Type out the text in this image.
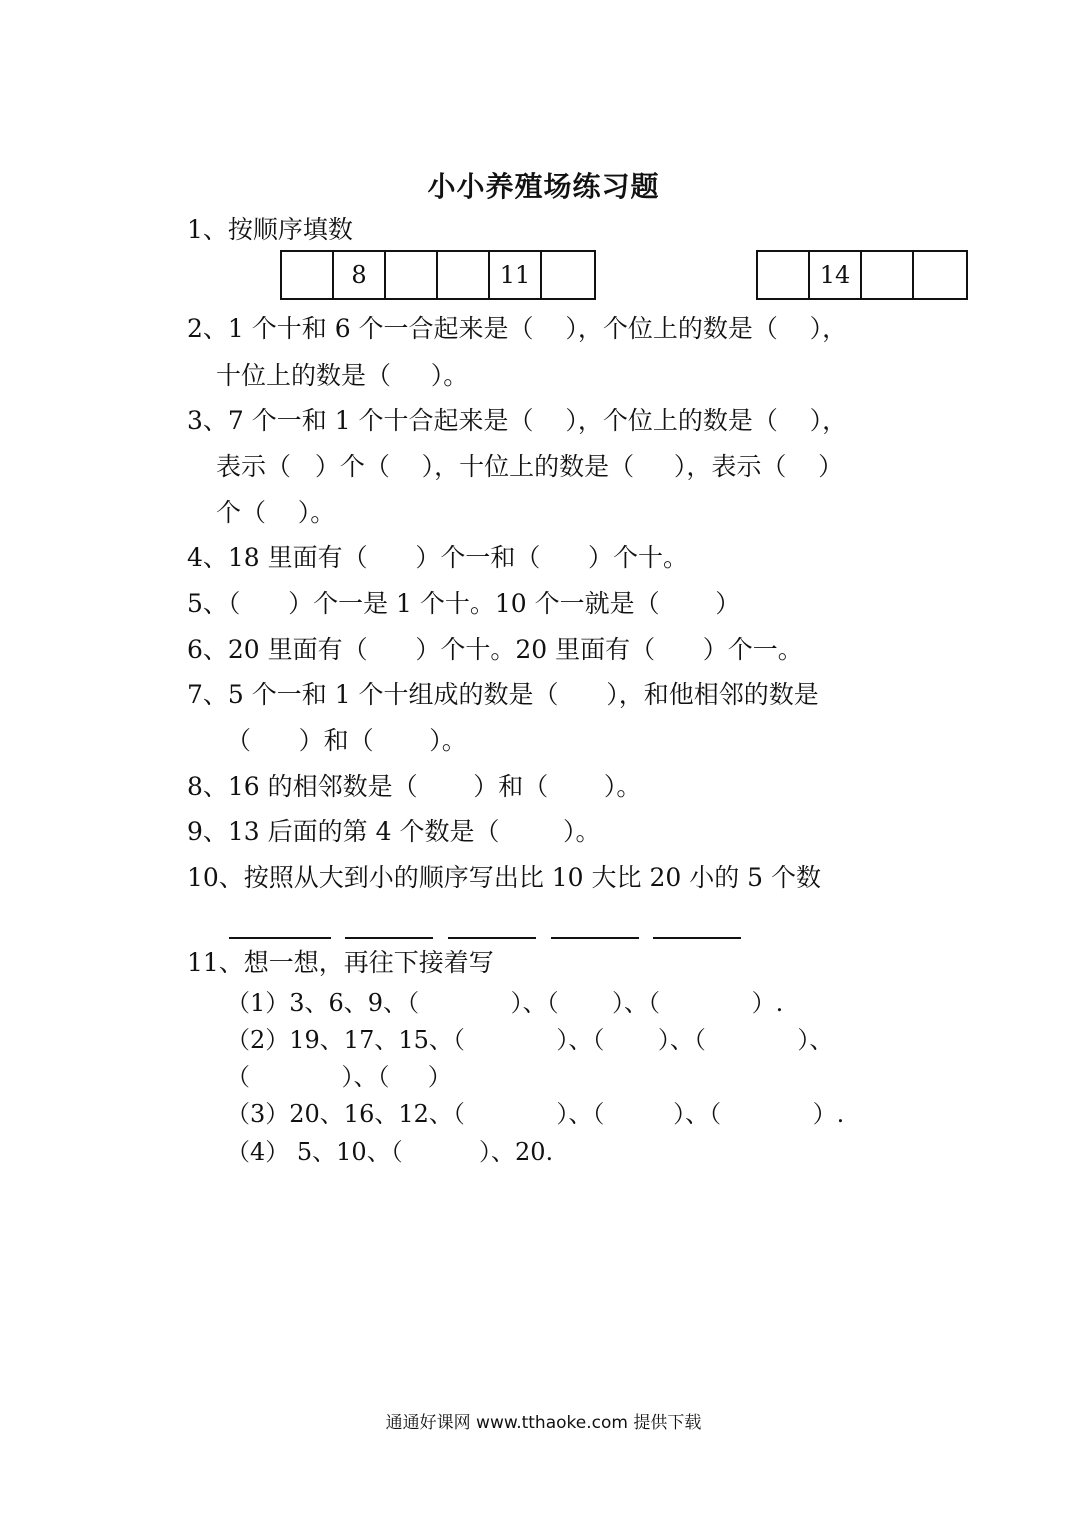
小小养殖场练习题
1、按顺序填数
8	11	14
2、1 个十和 6 个一合起来是（    ），个位上的数是（    ），
十位上的数是（     ）。
3、7 个一和 1 个十合起来是（    ），个位上的数是（    ），
表示（   ）个（    ），十位上的数是（     ），表示（    ）
个（    ）。
4、18 里面有（      ）个一和（      ）个十。
5、（      ）个一是 1 个十。10 个一就是（       ）
6、20 里面有（      ）个十。20 里面有（      ）个一。
7、5 个一和 1 个十组成的数是（      ），和他相邻的数是
（      ）和（       ）。
8、16 的相邻数是（       ）和（       ）。
9、13 后面的第 4 个数是（        ）。
10、按照从大到小的顺序写出比 10 大比 20 小的 5 个数
11、想一想，再往下接着写
（1）3、6、9、（            ）、（       ）、（            ）.
（2）19、17、15、（            ）、（       ）、（            ）、
（            ）、（     ）
（3）20、16、12、（            ）、（         ）、（            ）.
（4） 5、10、（          ）、20.
通通好课网 www.tthaoke.com 提供下载
